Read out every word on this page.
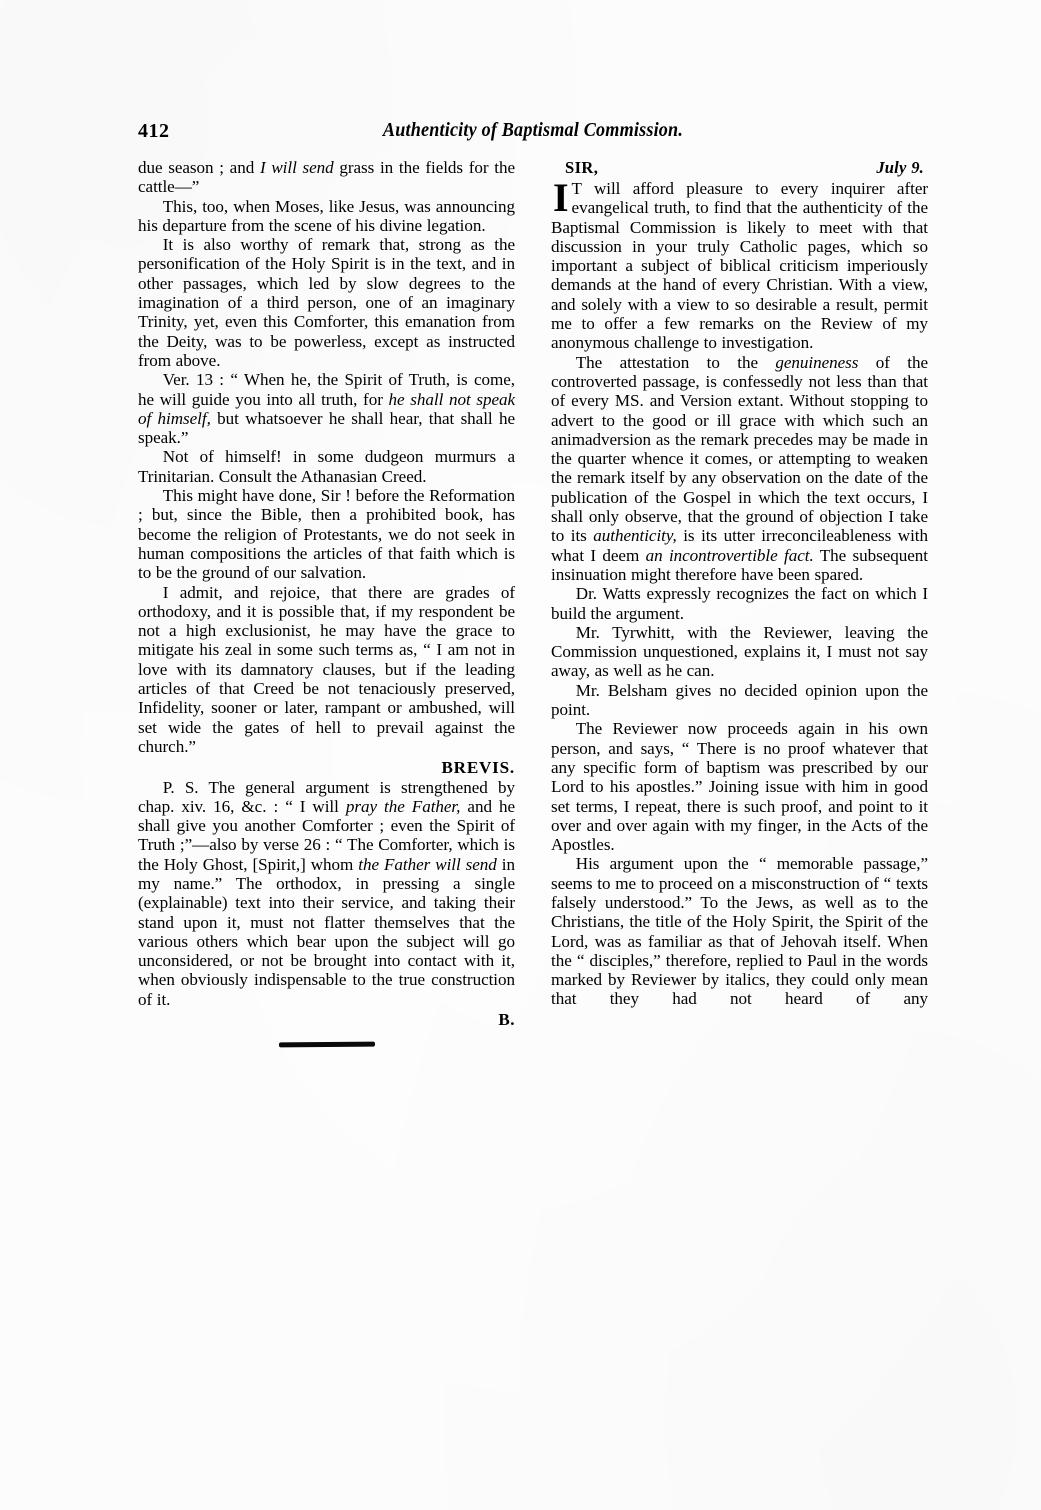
412	Authenticity of Baptismal Commission.

due season ; and I will send grass in the fields for the cattle—”

This, too, when Moses, like Jesus, was announcing his departure from the scene of his divine legation.

It is also worthy of remark that, strong as the personification of the Holy Spirit is in the text, and in other passages, which led by slow degrees to the imagination of a third person, one of an imaginary Trinity, yet, even this Comforter, this emanation from the Deity, was to be powerless, except as instructed from above.

Ver. 13 : “ When he, the Spirit of Truth, is come, he will guide you into all truth, for he shall not speak of himself, but whatsoever he shall hear, that shall he speak.”

Not of himself! in some dudgeon murmurs a Trinitarian. Consult the Athanasian Creed.

This might have done, Sir ! before the Reformation ; but, since the Bible, then a prohibited book, has become the religion of Protestants, we do not seek in human compositions the articles of that faith which is to be the ground of our salvation.

I admit, and rejoice, that there are grades of orthodoxy, and it is possible that, if my respondent be not a high exclusionist, he may have the grace to mitigate his zeal in some such terms as, “ I am not in love with its damnatory clauses, but if the leading articles of that Creed be not tenaciously preserved, Infidelity, sooner or later, rampant or ambushed, will set wide the gates of hell to prevail against the church.”

BREVIS.

P. S. The general argument is strengthened by chap. xiv. 16, &c. : “ I will pray the Father, and he shall give you another Comforter ; even the Spirit of Truth ;”—also by verse 26 : “ The Comforter, which is the Holy Ghost, [Spirit,] whom the Father will send in my name.” The orthodox, in pressing a single (explainable) text into their service, and taking their stand upon it, must not flatter themselves that the various others which bear upon the subject will go unconsidered, or not be brought into contact with it, when obviously indispensable to the true construction of it.

B.

SIR,	July 9.

I T will afford pleasure to every inquirer after evangelical truth, to find that the authenticity of the Baptismal Commission is likely to meet with that discussion in your truly Catholic pages, which so important a subject of biblical criticism imperiously demands at the hand of every Christian. With a view, and solely with a view to so desirable a result, permit me to offer a few remarks on the Review of my anonymous challenge to investigation.

The attestation to the genuineness of the controverted passage, is confessedly not less than that of every MS. and Version extant. Without stopping to advert to the good or ill grace with which such an animadversion as the remark precedes may be made in the quarter whence it comes, or attempting to weaken the remark itself by any observation on the date of the publication of the Gospel in which the text occurs, I shall only observe, that the ground of objection I take to its authenticity, is its utter irreconcileableness with what I deem an incontrovertible fact. The subsequent insinuation might therefore have been spared.

Dr. Watts expressly recognizes the fact on which I build the argument.

Mr. Tyrwhitt, with the Reviewer, leaving the Commission unquestioned, explains it, I must not say away, as well as he can.

Mr. Belsham gives no decided opinion upon the point.

The Reviewer now proceeds again in his own person, and says, “ There is no proof whatever that any specific form of baptism was prescribed by our Lord to his apostles.” Joining issue with him in good set terms, I repeat, there is such proof, and point to it over and over again with my finger, in the Acts of the Apostles.

His argument upon the “ memorable passage,” seems to me to proceed on a misconstruction of “ texts falsely understood.” To the Jews, as well as to the Christians, the title of the Holy Spirit, the Spirit of the Lord, was as familiar as that of Jehovah itself. When the “ disciples,” therefore, replied to Paul in the words marked by Reviewer by italics, they could only mean that they had not heard of any
